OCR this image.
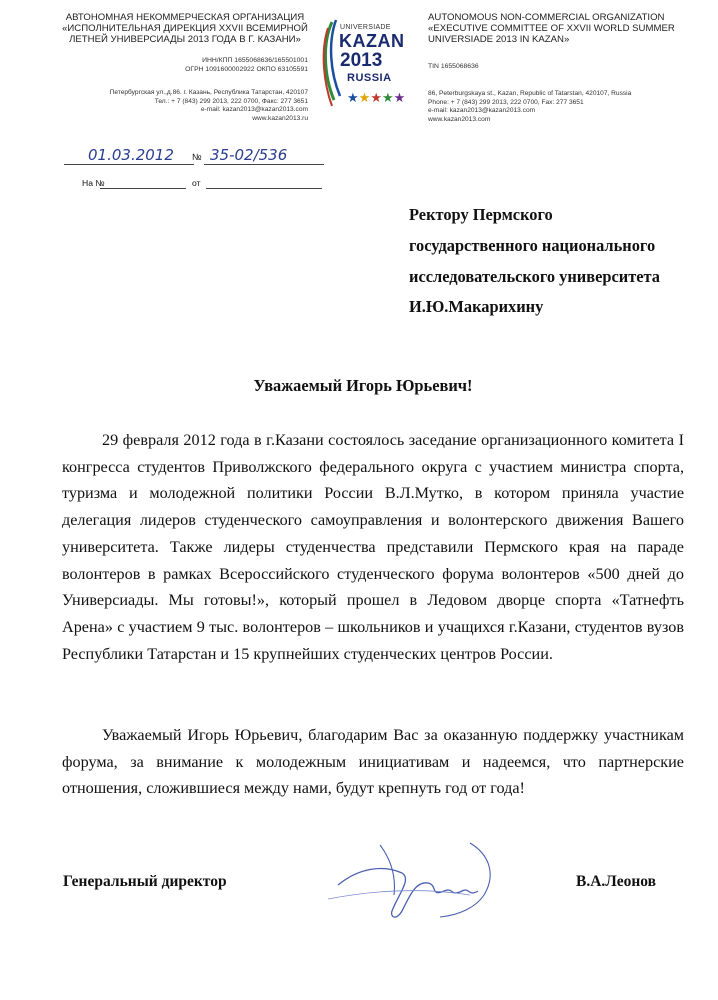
АВТОНОМНАЯ НЕКОММЕРЧЕСКАЯ ОРГАНИЗАЦИЯ
«ИСПОЛНИТЕЛЬНАЯ ДИРЕКЦИЯ XXVII ВСЕМИРНОЙ
ЛЕТНЕЙ УНИВЕРСИАДЫ 2013 ГОДА В Г. КАЗАНИ»
ИНН/КПП 1655068636/165501001
ОГРН 1091600002922 ОКПО 63105591
Петербургская ул.,д.86. г. Казань, Республика Татарстан, 420107
Тел.: + 7 (843) 299 2013, 222 0700, Факс: 277 3651
e-mail: kazan2013@kazan2013.com
www.kazan2013.ru
UNIVERSIADE
KAZAN
2013
RUSSIA
★★★★★
AUTONOMOUS NON-COMMERCIAL ORGANIZATION
«EXECUTIVE COMMITTEE OF XXVII WORLD SUMMER
UNIVERSIADE 2013 IN KAZAN»
TIN 1655068636
86, Peterburgskaya st., Kazan, Republic of Tatarstan, 420107, Russia
Phone: + 7 (843) 299 2013, 222 0700, Fax: 277 3651
e-mail: kazan2013@kazan2013.com
www.kazan2013.com
01.03.2012 № 35-02/536
На №	от
Ректору Пермского
государственного национального
исследовательского университета
И.Ю.Макарихину
Уважаемый Игорь Юрьевич!
29 февраля 2012 года в г.Казани состоялось заседание организационного комитета I конгресса студентов Приволжского федерального округа с участием министра спорта, туризма и молодежной политики России В.Л.Мутко, в котором приняла участие делегация лидеров студенческого самоуправления и волонтерского движения Вашего университета. Также лидеры студенчества представили Пермского края на параде волонтеров в рамках Всероссийского студенческого форума волонтеров «500 дней до Универсиады. Мы готовы!», который прошел в Ледовом дворце спорта «Татнефть Арена» с участием 9 тыс. волонтеров – школьников и учащихся г.Казани, студентов вузов Республики Татарстан и 15 крупнейших студенческих центров России.
Уважаемый Игорь Юрьевич, благодарим Вас за оказанную поддержку участникам форума, за внимание к молодежным инициативам и надеемся, что партнерские отношения, сложившиеся между нами, будут крепнуть год от года!
Генеральный директор	В.А.Леонов
